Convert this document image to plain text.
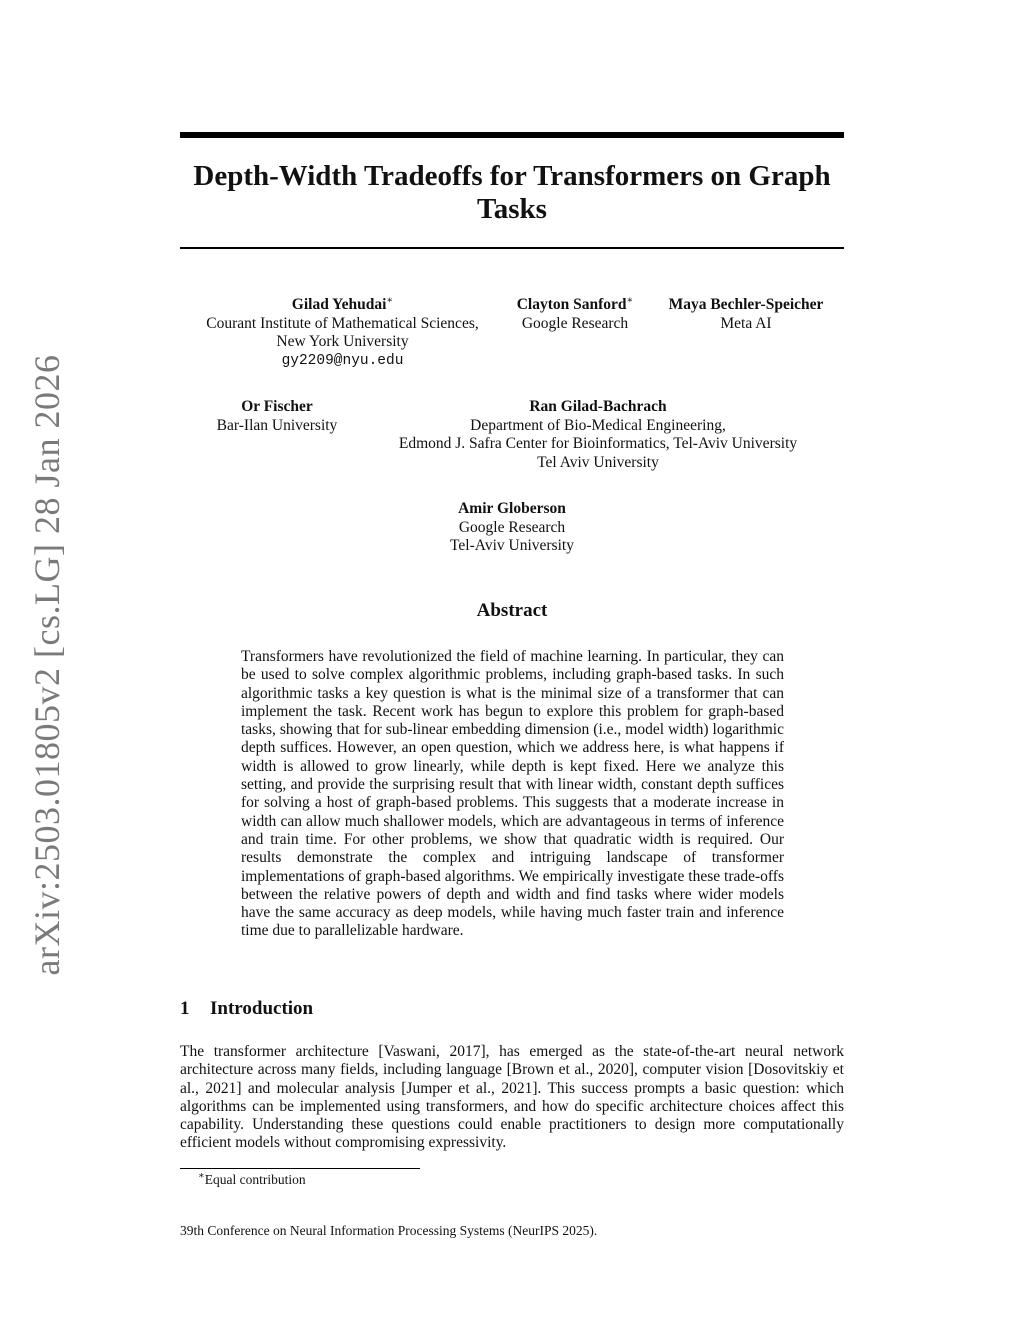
arXiv:2503.01805v2 [cs.LG] 28 Jan 2026
Depth-Width Tradeoffs for Transformers on Graph Tasks
Gilad Yehudai∗
Courant Institute of Mathematical Sciences,
New York University
gy2209@nyu.edu
Clayton Sanford∗
Google Research
Maya Bechler-Speicher
Meta AI
Or Fischer
Bar-Ilan University
Ran Gilad-Bachrach
Department of Bio-Medical Engineering,
Edmond J. Safra Center for Bioinformatics, Tel-Aviv University
Tel Aviv University
Amir Globerson
Google Research
Tel-Aviv University
Abstract
Transformers have revolutionized the field of machine learning. In particular, they can be used to solve complex algorithmic problems, including graph-based tasks. In such algorithmic tasks a key question is what is the minimal size of a transformer that can implement the task. Recent work has begun to explore this problem for graph-based tasks, showing that for sub-linear embedding dimension (i.e., model width) logarithmic depth suffices. However, an open question, which we address here, is what happens if width is allowed to grow linearly, while depth is kept fixed. Here we analyze this setting, and provide the surprising result that with linear width, constant depth suffices for solving a host of graph-based problems. This suggests that a moderate increase in width can allow much shallower models, which are advantageous in terms of inference and train time. For other problems, we show that quadratic width is required. Our results demonstrate the complex and intriguing landscape of transformer implementations of graph-based algorithms. We empirically investigate these trade-offs between the relative powers of depth and width and find tasks where wider models have the same accuracy as deep models, while having much faster train and inference time due to parallelizable hardware.
1 Introduction
The transformer architecture [Vaswani, 2017], has emerged as the state-of-the-art neural network architecture across many fields, including language [Brown et al., 2020], computer vision [Dosovitskiy et al., 2021] and molecular analysis [Jumper et al., 2021]. This success prompts a basic question: which algorithms can be implemented using transformers, and how do specific architecture choices affect this capability. Understanding these questions could enable practitioners to design more computationally efficient models without compromising expressivity.
∗Equal contribution
39th Conference on Neural Information Processing Systems (NeurIPS 2025).
